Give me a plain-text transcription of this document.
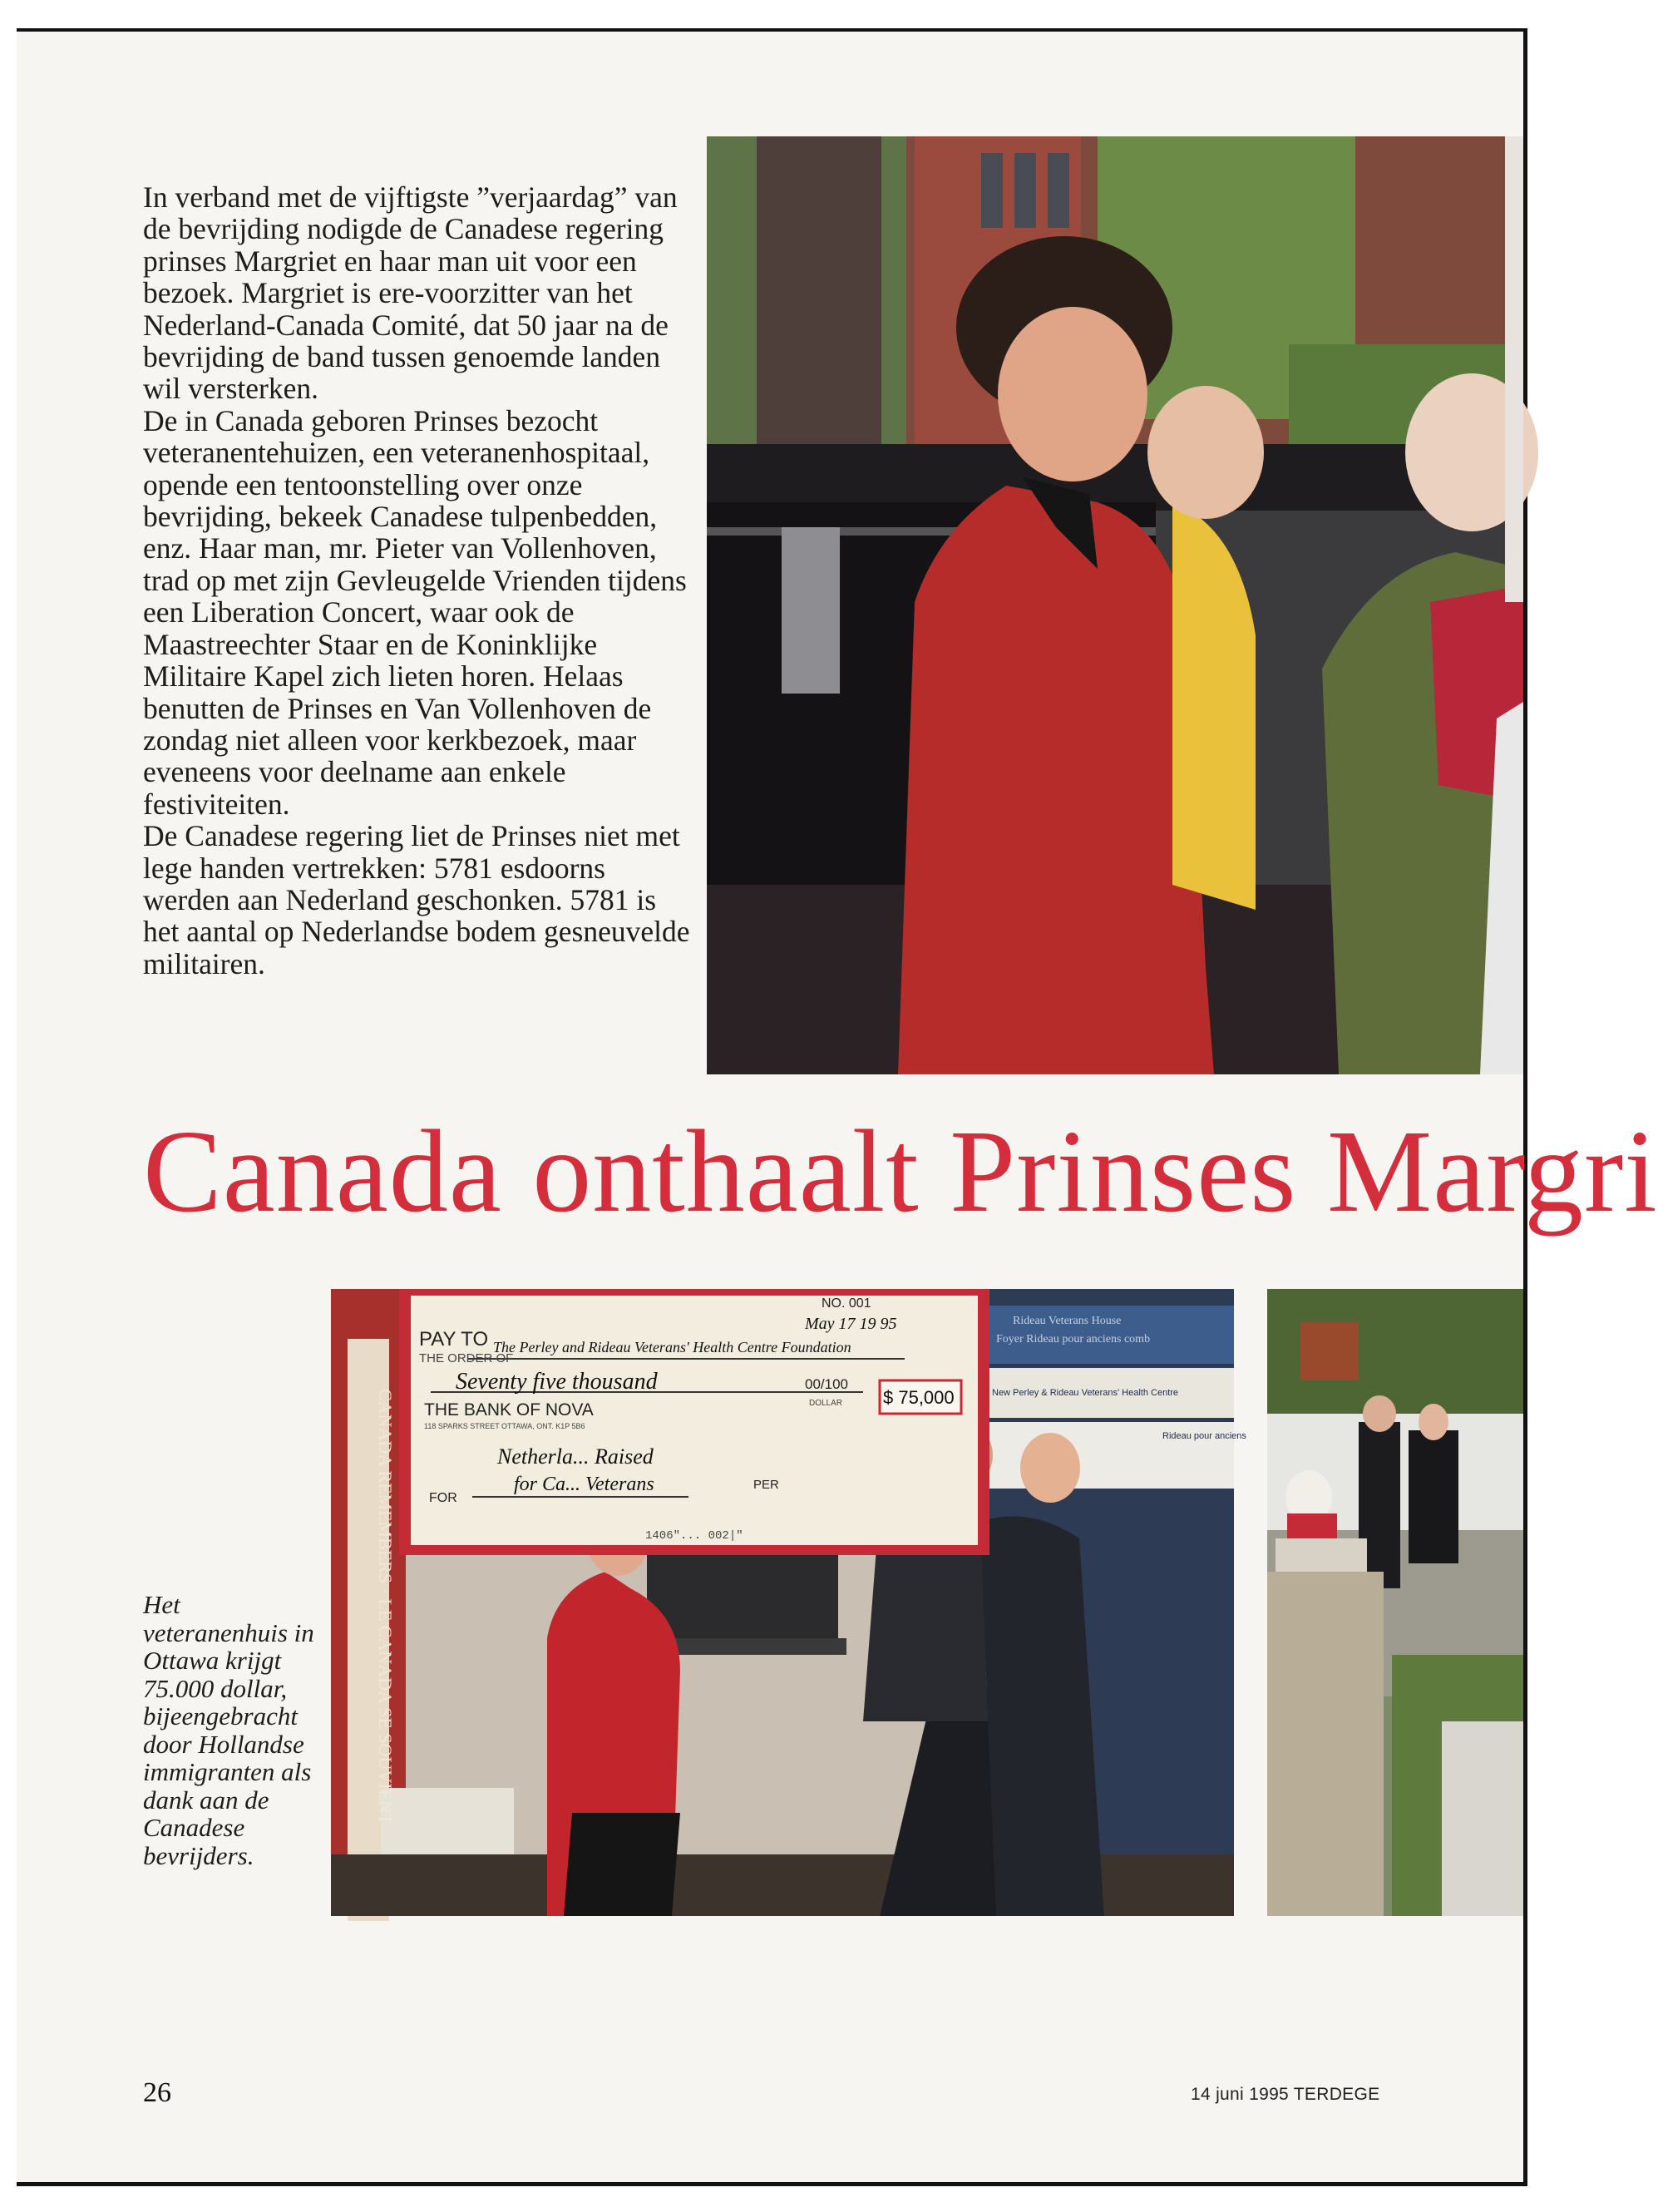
In verband met de vijftigste ”verjaardag” van de bevrijding nodigde de Canadese regering prinses Margriet en haar man uit voor een bezoek. Margriet is ere-voorzitter van het Nederland-Canada Comité, dat 50 jaar na de bevrijding de band tussen genoemde landen wil versterken.

De in Canada geboren Prinses bezocht veteranentehuizen, een veteranenhospitaal, opende een tentoonstelling over onze bevrijding, bekeek Canadese tulpenbedden, enz. Haar man, mr. Pieter van Vollenhoven, trad op met zijn Gevleugelde Vrienden tijdens een Liberation Concert, waar ook de Maastreechter Staar en de Koninklijke Militaire Kapel zich lieten horen. Helaas benutten de Prinses en Van Vollenhoven de zondag niet alleen voor kerkbezoek, maar eveneens voor deelname aan enkele festiviteiten.

De Canadese regering liet de Prinses niet met lege handen vertrekken: 5781 esdoorns werden aan Nederland geschonken. 5781 is het aantal op Nederlandse bodem gesneuvelde militairen.

Canada onthaalt Prinses Margri
Het veteranenhuis in Ottawa krijgt 75.000 dollar, bijeengebracht door Hollandse immigranten als dank aan de Canadese bevrijders.
NO. 001
May 17 19 95
PAY TO
THE ORDER OF
The Perley and Rideau Veterans' Health Centre Foundation
Seventy five thousand	00/100
DOLLAR $ 75,000
THE BANK OF NOVA
118 SPARKS STREET OTTAWA, ONT. K1P 5B6
Netherla... Raised
for Ca... Veterans
FOR
PER
1406"... 002|"
CANADA REMEMBERS · LE CANADA SE SOUVIENT
Rideau Veterans House
Foyer Rideau pour anciens comb
New Perley & Rideau Veterans' Health Centre
Rideau pour anciens
26	14 juni 1995 TERDEGE
